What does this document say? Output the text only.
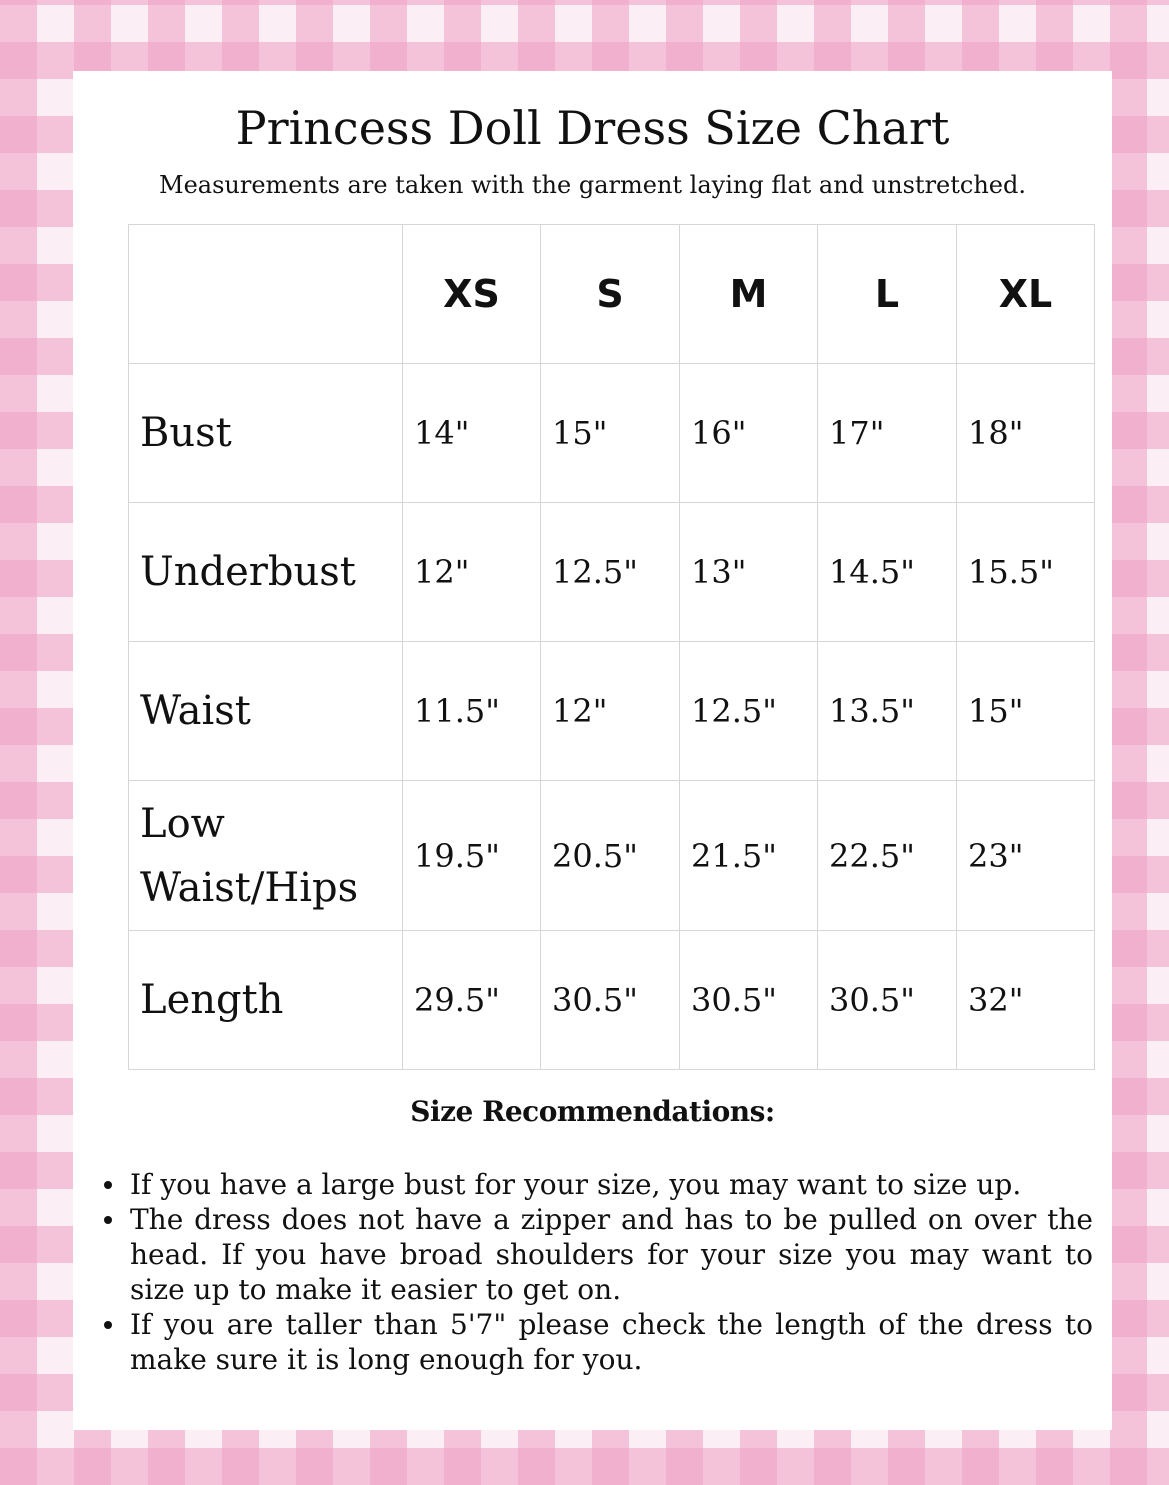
Princess Doll Dress Size Chart
Measurements are taken with the garment laying flat and unstretched.
	XS	S	M	L	XL
Bust	14"	15"	16"	17"	18"
Underbust	12"	12.5"	13"	14.5"	15.5"
Waist	11.5"	12"	12.5"	13.5"	15"
Low Waist/Hips	19.5"	20.5"	21.5"	22.5"	23"
Length	29.5"	30.5"	30.5"	30.5"	32"
Size Recommendations:
If you have a large bust for your size, you may want to size up.
The dress does not have a zipper and has to be pulled on over the head. If you have broad shoulders for your size you may want to size up to make it easier to get on.
If you are taller than 5'7" please check the length of the dress to make sure it is long enough for you.
